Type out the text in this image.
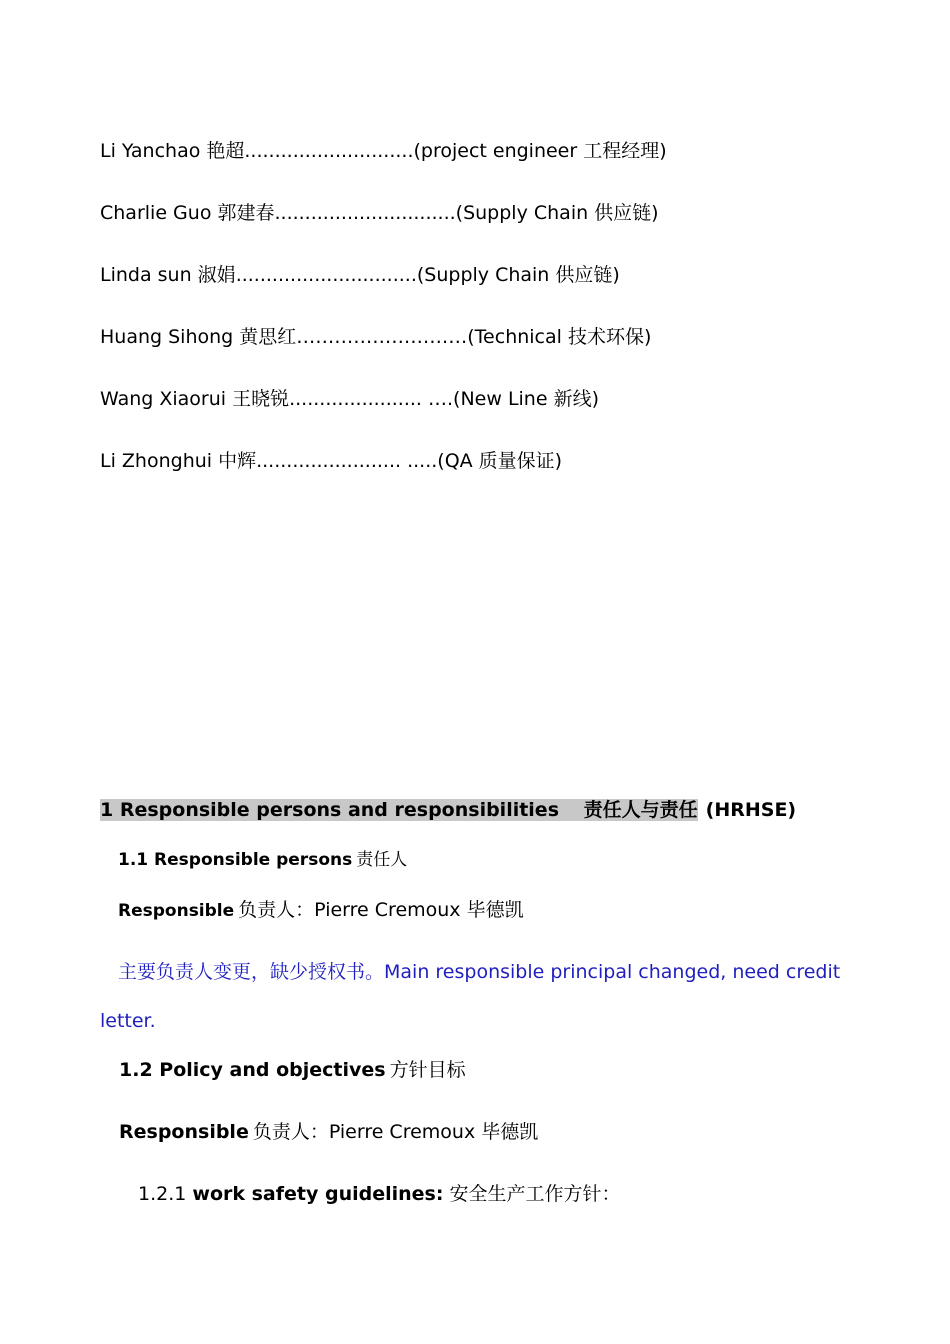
Li Yanchao 艳超............................(project engineer 工程经理)
Charlie Guo 郭建春..............................(Supply Chain 供应链)
Linda sun 淑娟..............................(Supply Chain 供应链)
Huang Sihong 黄思红………………………(Technical 技术环保)
Wang Xiaorui 王晓锐...................... ….(New Line 新线)
Li Zhonghui 中辉........................ .....(QA 质量保证)
1 Responsible persons and responsibilities 责任人与责任 (HRHSE)
1.1 Responsible persons 责任人
Responsible 负责人：Pierre Cremoux 毕德凯
主要负责人变更，缺少授权书。Main responsible principal changed, need credit
letter.
1.2 Policy and objectives 方针目标
Responsible 负责人：Pierre Cremoux 毕德凯
1.2.1 work safety guidelines: 安全生产工作方针：
